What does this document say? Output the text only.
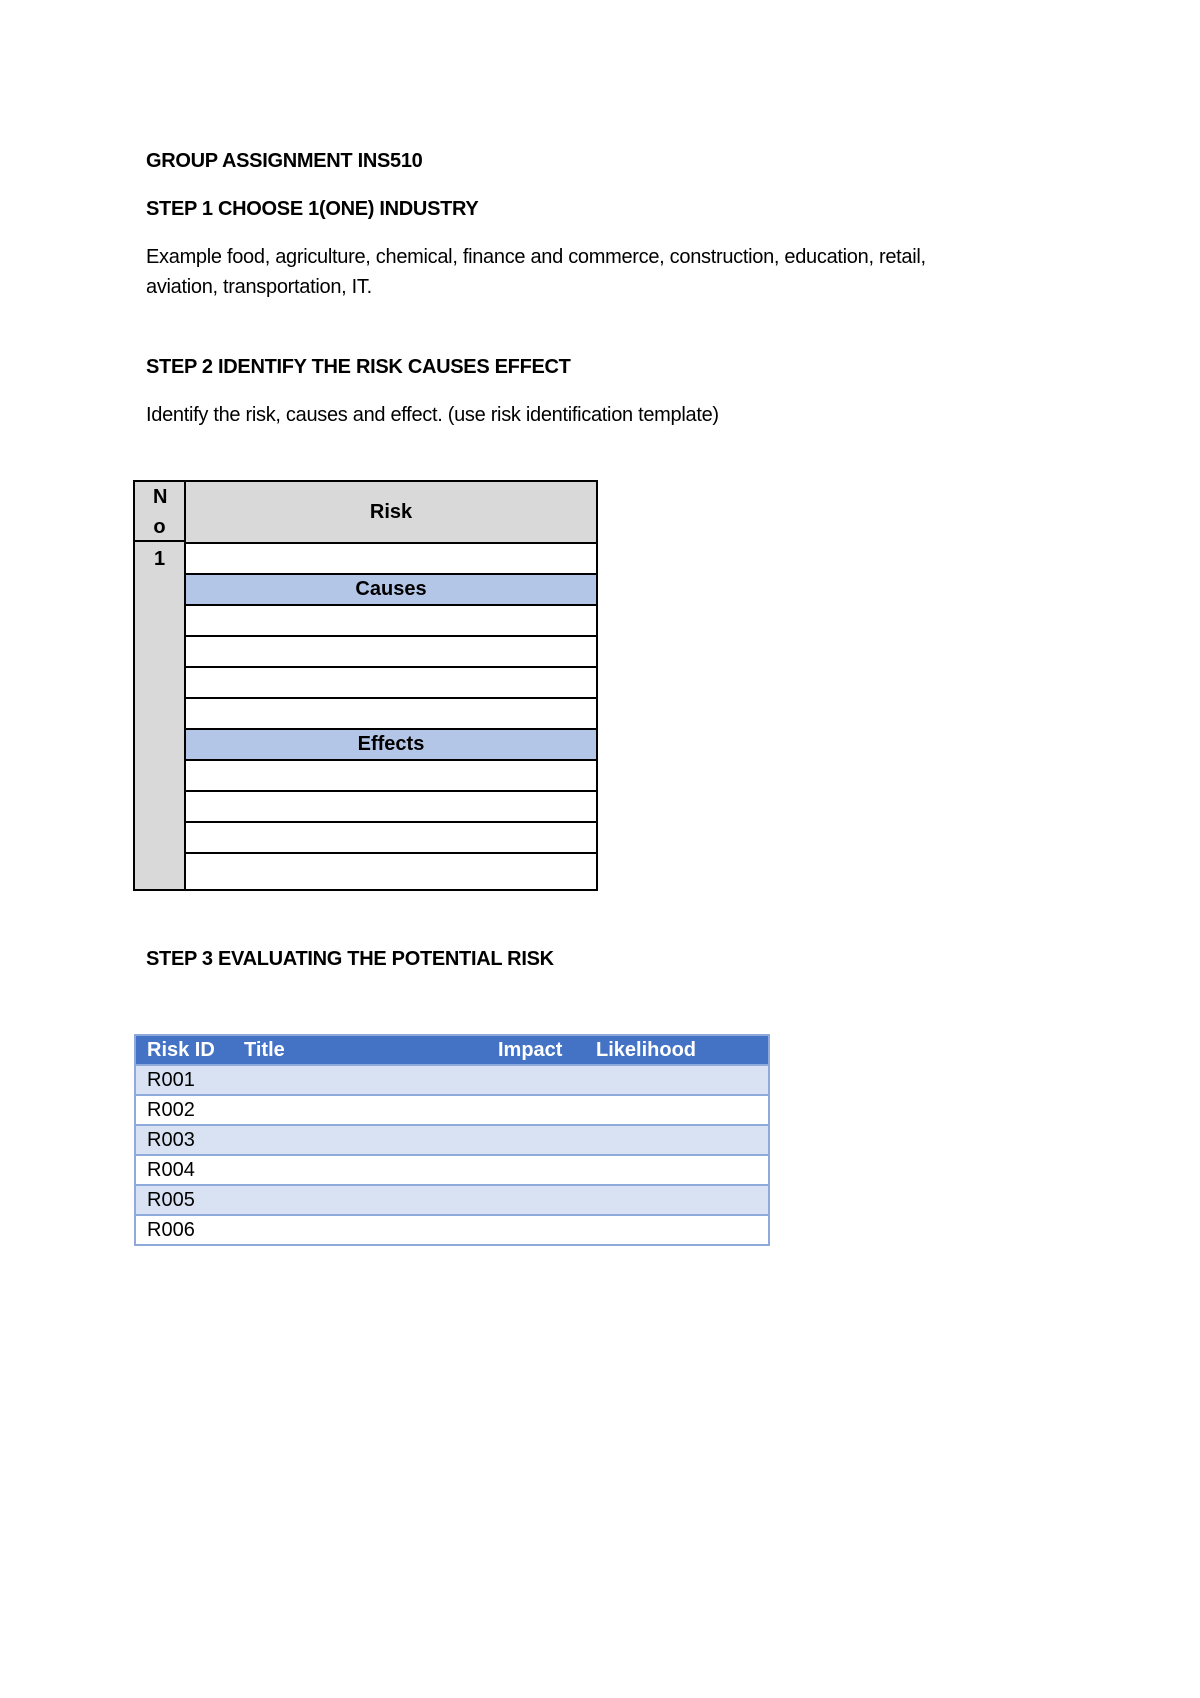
GROUP ASSIGNMENT INS510
STEP 1 CHOOSE 1(ONE) INDUSTRY
Example food, agriculture, chemical, finance and commerce, construction, education, retail,
aviation, transportation, IT.
STEP 2 IDENTIFY THE RISK CAUSES EFFECT
Identify the risk, causes and effect. (use risk identification template)
No
1
Risk
Causes
Effects
STEP 3 EVALUATING THE POTENTIAL RISK
Risk ID Title	Impact Likelihood
R001
R002
R003
R004
R005
R006
